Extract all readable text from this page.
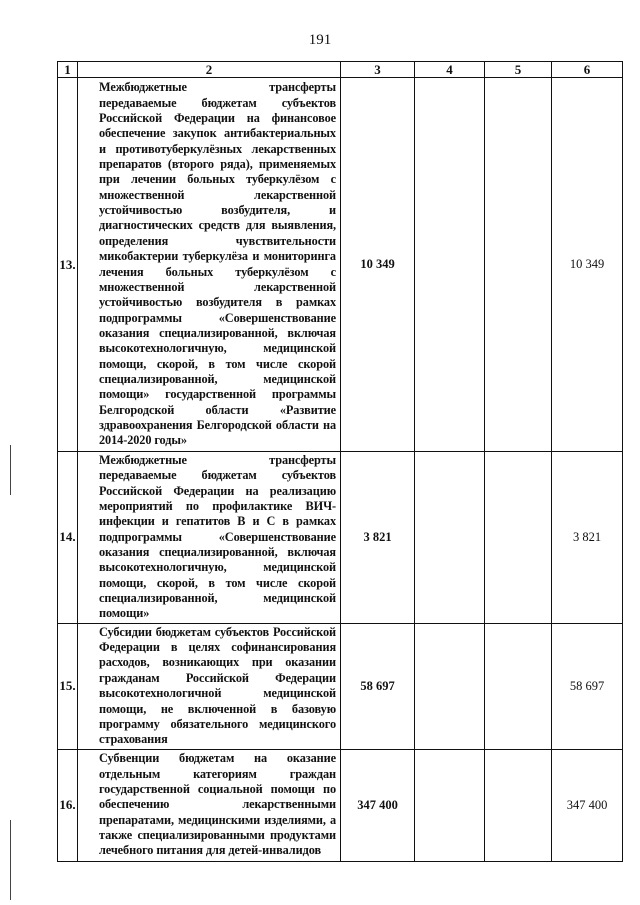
191
1	2	3	4	5	6
13.	Межбюджетные трансферты передаваемые бюджетам субъектов Российской Федерации на финансовое обеспечение закупок антибактериальных и противотуберкулёзных лекарственных препаратов (второго ряда), применяемых при лечении больных туберкулёзом с множественной лекарственной устойчивостью возбудителя, и диагностических средств для выявления, определения чувствительности микобактерии туберкулёза и мониторинга лечения больных туберкулёзом с множественной лекарственной устойчивостью возбудителя в рамках подпрограммы «Совершенствование оказания специализированной, включая высокотехнологичную, медицинской помощи, скорой, в том числе скорой специализированной, медицинской помощи» государственной программы Белгородской области «Развитие здравоохранения Белгородской области на 2014-2020 годы»	10 349			10 349
14.	Межбюджетные трансферты передаваемые бюджетам субъектов Российской Федерации на реализацию мероприятий по профилактике ВИЧ-инфекции и гепатитов В и С в рамках подпрограммы «Совершенствование оказания специализированной, включая высокотехнологичную, медицинской помощи, скорой, в том числе скорой специализированной, медицинской помощи»	3 821			3 821
15.	Субсидии бюджетам субъектов Российской Федерации в целях софинансирования расходов, возникающих при оказании гражданам Российской Федерации высокотехнологичной медицинской помощи, не включенной в базовую программу обязательного медицинского страхования	58 697			58 697
16.	Субвенции бюджетам на оказание отдельным категориям граждан государственной социальной помощи по обеспечению лекарственными препаратами, медицинскими изделиями, а также специализированными продуктами лечебного питания для детей-инвалидов	347 400			347 400
